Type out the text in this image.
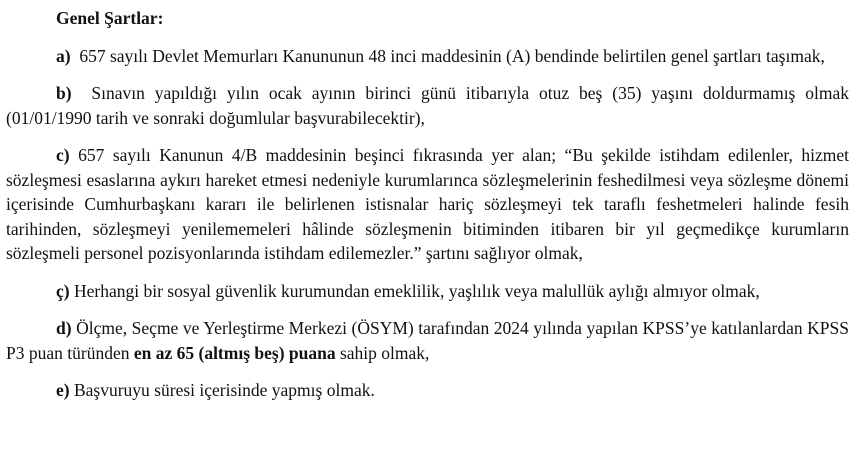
Genel Şartlar:

a) 657 sayılı Devlet Memurları Kanununun 48 inci maddesinin (A) bendinde belirtilen genel şartları taşımak,

b) Sınavın yapıldığı yılın ocak ayının birinci günü itibarıyla otuz beş (35) yaşını doldurmamış olmak (01/01/1990 tarih ve sonraki doğumlular başvurabilecektir),

c) 657 sayılı Kanunun 4/B maddesinin beşinci fıkrasında yer alan; “Bu şekilde istihdam edilenler, hizmet sözleşmesi esaslarına aykırı hareket etmesi nedeniyle kurumlarınca sözleşmelerinin feshedilmesi veya sözleşme dönemi içerisinde Cumhurbaşkanı kararı ile belirlenen istisnalar hariç sözleşmeyi tek taraflı feshetmeleri halinde fesih tarihinden, sözleşmeyi yenilememeleri hâlinde sözleşmenin bitiminden itibaren bir yıl geçmedikçe kurumların sözleşmeli personel pozisyonlarında istihdam edilemezler.” şartını sağlıyor olmak,

ç) Herhangi bir sosyal güvenlik kurumundan emeklilik, yaşlılık veya malullük aylığı almıyor olmak,

d) Ölçme, Seçme ve Yerleştirme Merkezi (ÖSYM) tarafından 2024 yılında yapılan KPSS’ye katılanlardan KPSS P3 puan türünden en az 65 (altmış beş) puana sahip olmak,

e) Başvuruyu süresi içerisinde yapmış olmak.
